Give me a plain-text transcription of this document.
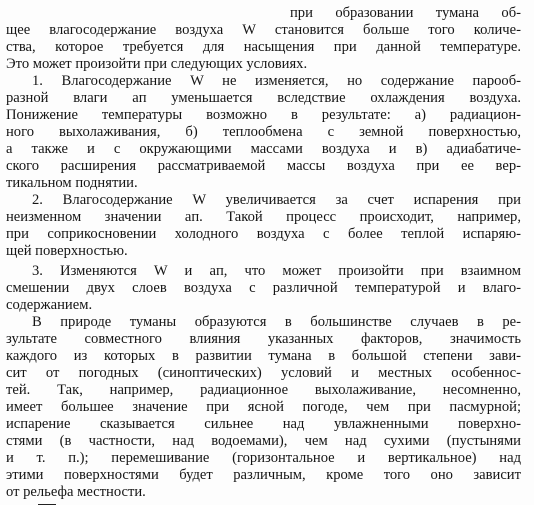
при образовании тумана об-
щее влагосодержание воздуха W становится больше того количе-
ства, которое требуется для насыщения при данной температуре.
Это может произойти при следующих условиях.
1. Влагосодержание W не изменяется, но содержание парооб-
разной влаги aп уменьшается вследствие охлаждения воздуха.
Понижение температуры возможно в результате: а) радиацион-
ного выхолаживания, б) теплообмена с земной поверхностью,
а также и с окружающими массами воздуха и в) адиабатиче-
ского расширения рассматриваемой массы воздуха при ее вер-
тикальном поднятии.
2. Влагосодержание W увеличивается за счет испарения при
неизменном значении aп. Такой процесс происходит, например,
при соприкосновении холодного воздуха с более теплой испаряю-
щей поверхностью.
3. Изменяются W и aп, что может произойти при взаимном
смешении двух слоев воздуха с различной температурой и влаго-
содержанием.
В природе туманы образуются в большинстве случаев в ре-
зультате совместного влияния указанных факторов, значимость
каждого из которых в развитии тумана в большой степени зави-
сит от погодных (синоптических) условий и местных особеннос-
тей. Так, например, радиационное выхолаживание, несомненно,
имеет большее значение при ясной погоде, чем при пасмурной;
испарение сказывается сильнее над увлажненными поверхно-
стями (в частности, над водоемами), чем над сухими (пустынями
и т. п.); перемешивание (горизонтальное и вертикальное) над
этими поверхностями будет различным, кроме того оно зависит
от рельефа местности.
